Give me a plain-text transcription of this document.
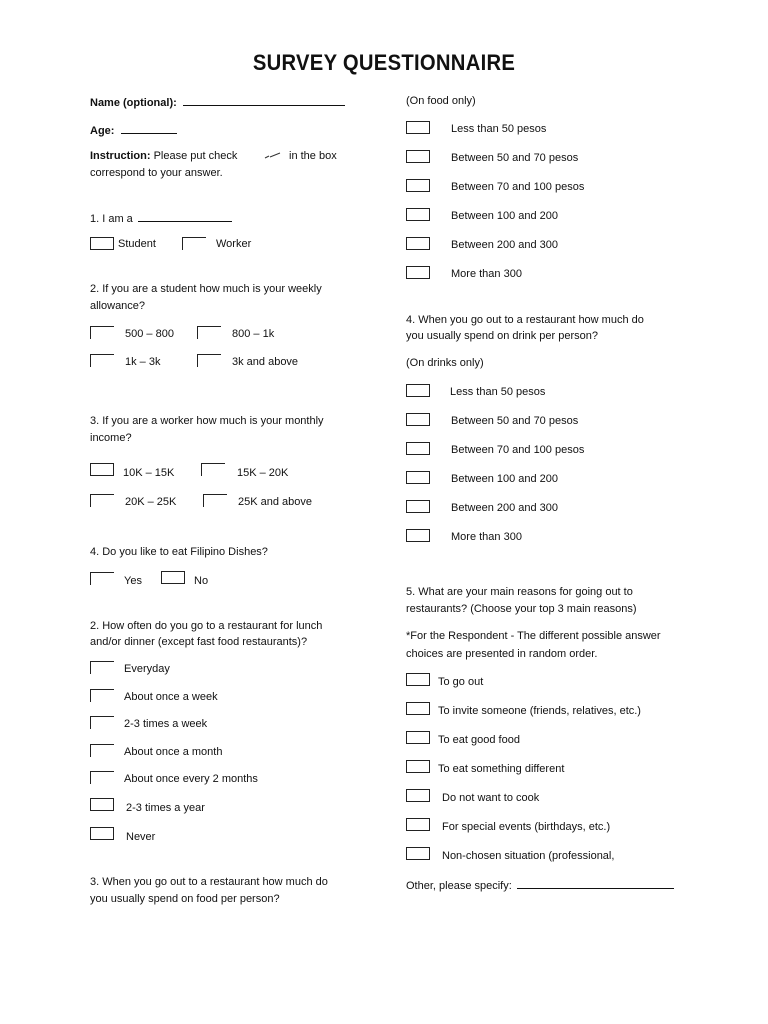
SURVEY QUESTIONNAIRE
Name (optional):
Age:
Instruction: Please put check	in the box
correspond to your answer.
1. I am a
Student	Worker
2. If you are a student how much is your weekly
allowance?
500 – 800	800 – 1k
1k – 3k	3k and above
3. If you are a worker how much is your monthly
income?
10K – 15K	15K – 20K
20K – 25K	25K and above
4. Do you like to eat Filipino Dishes?
Yes	No
2. How often do you go to a restaurant for lunch
and/or dinner (except fast food restaurants)?
Everyday
About once a week
2-3 times a week
About once a month
About once every 2 months
2-3 times a year
Never
3. When you go out to a restaurant how much do
you usually spend on food per person?
(On food only)
Less than 50 pesos
Between 50 and 70 pesos
Between 70 and 100 pesos
Between 100 and 200
Between 200 and 300
More than 300
4. When you go out to a restaurant how much do
you usually spend on drink per person?
(On drinks only)
Less than 50 pesos
Between 50 and 70 pesos
Between 70 and 100 pesos
Between 100 and 200
Between 200 and 300
More than 300
5. What are your main reasons for going out to
restaurants? (Choose your top 3 main reasons)
*For the Respondent - The different possible answer
choices are presented in random order.
To go out
To invite someone (friends, relatives, etc.)
To eat good food
To eat something different
Do not want to cook
For special events (birthdays, etc.)
Non-chosen situation (professional,
Other, please specify:
